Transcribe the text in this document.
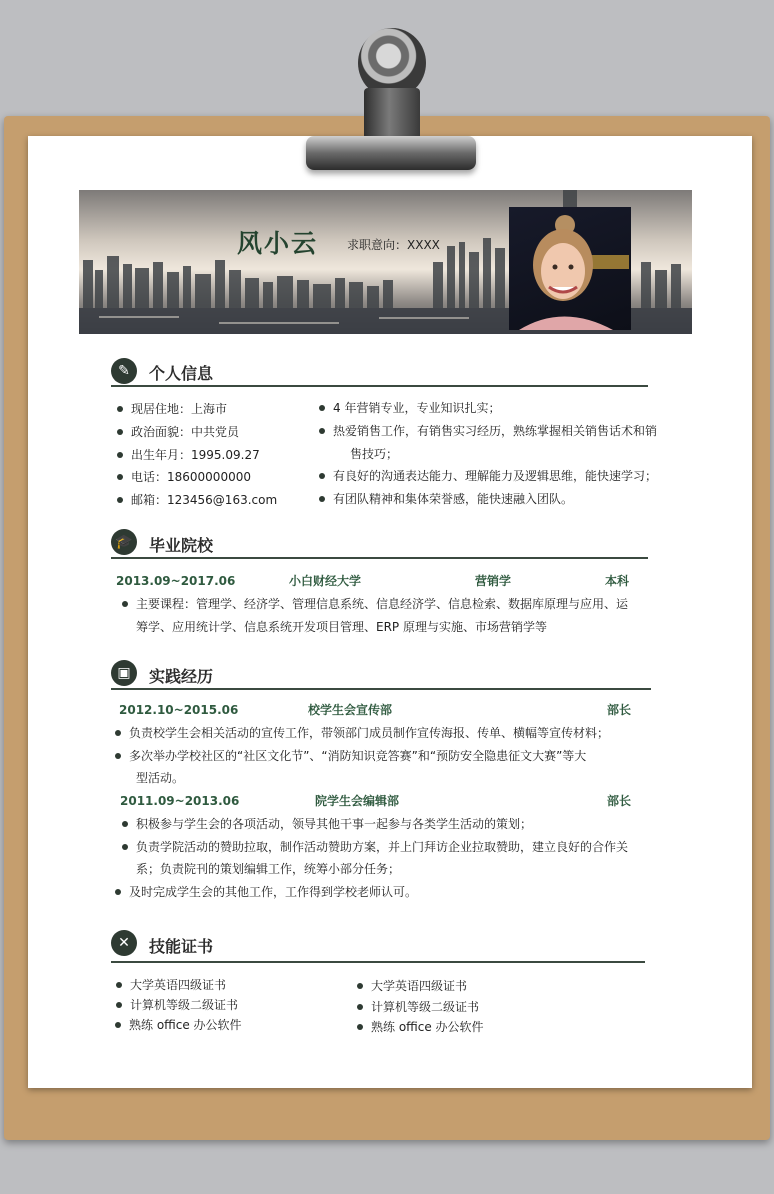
风小云 求职意向：XXXX
✎	个人信息
现居住地：上海市
政治面貌：中共党员
出生年月：1995.09.27
电话：18600000000
邮箱：123456@163.com
4 年营销专业，专业知识扎实；
热爱销售工作，有销售实习经历，熟练掌握相关销售话术和销
售技巧；
有良好的沟通表达能力、理解能力及逻辑思维，能快速学习；
有团队精神和集体荣誉感，能快速融入团队。
🎓 毕业院校
2013.09~2017.06	小白财经大学	营销学	本科
主要课程：管理学、经济学、管理信息系统、信息经济学、信息检索、数据库原理与应用、运
筹学、应用统计学、信息系统开发项目管理、ERP 原理与实施、市场营销学等
▣	实践经历
2012.10~2015.06	校学生会宣传部	部长
负责校学生会相关活动的宣传工作，带领部门成员制作宣传海报、传单、横幅等宣传材料；
多次举办学校社区的“社区文化节”、“消防知识竞答赛”和“预防安全隐患征文大赛”等大
型活动。
2011.09~2013.06	院学生会编辑部	部长
积极参与学生会的各项活动，领导其他干事一起参与各类学生活动的策划；
负责学院活动的赞助拉取，制作活动赞助方案，并上门拜访企业拉取赞助，建立良好的合作关
系；负责院刊的策划编辑工作，统筹小部分任务；
及时完成学生会的其他工作，工作得到学校老师认可。
✕	技能证书
大学英语四级证书
计算机等级二级证书
熟练 office 办公软件
大学英语四级证书
计算机等级二级证书
熟练 office 办公软件
